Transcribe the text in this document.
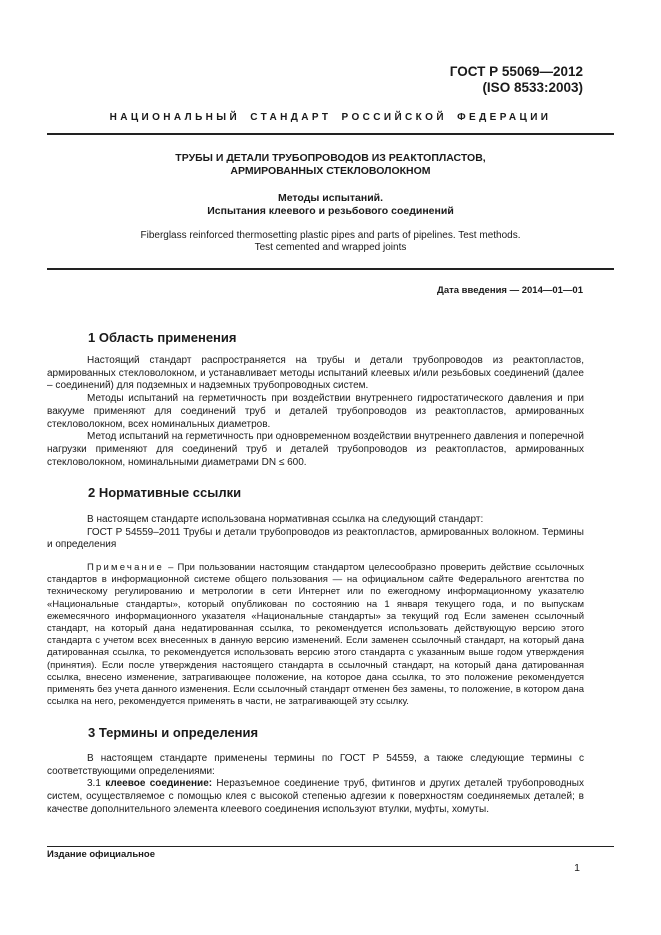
ГОСТ Р 55069—2012
(ISO 8533:2003)
НАЦИОНАЛЬНЫЙ СТАНДАРТ РОССИЙСКОЙ ФЕДЕРАЦИИ
ТРУБЫ И ДЕТАЛИ ТРУБОПРОВОДОВ ИЗ РЕАКТОПЛАСТОВ,
АРМИРОВАННЫХ СТЕКЛОВОЛОКНОМ
Методы испытаний.
Испытания клеевого и резьбового соединений
Fiberglass reinforced thermosetting plastic pipes and parts of pipelines. Test methods.
Test cemented and wrapped joints
Дата введения — 2014—01—01
1 Область применения

Настоящий стандарт распространяется на трубы и детали трубопроводов из реактопластов, армированных стекловолокном, и устанавливает методы испытаний клеевых и/или резьбовых соединений (далее – соединений) для подземных и надземных трубопроводных систем.

Методы испытаний на герметичность при воздействии внутреннего гидростатического давления и при вакууме применяют для соединений труб и деталей трубопроводов из реактопластов, армированных стекловолокном, всех номинальных диаметров.

Метод испытаний на герметичность при одновременном воздействии внутреннего давления и поперечной нагрузки применяют для соединений труб и деталей трубопроводов из реактопластов, армированных стекловолокном, номинальными диаметрами DN ≤ 600.

2 Нормативные ссылки

В настоящем стандарте использована нормативная ссылка на следующий стандарт:

ГОСТ Р 54559–2011 Трубы и детали трубопроводов из реактопластов, армированных волокном. Термины и определения

Примечание – При пользовании настоящим стандартом целесообразно проверить действие ссылочных стандартов в информационной системе общего пользования — на официальном сайте Федерального агентства по техническому регулированию и метрологии в сети Интернет или по ежегодному информационному указателю «Национальные стандарты», который опубликован по состоянию на 1 января текущего года, и по выпускам ежемесячного информационного указателя «Национальные стандарты» за текущий год Если заменен ссылочный стандарт, на который дана недатированная ссылка, то рекомендуется использовать действующую версию этого стандарта с учетом всех внесенных в данную версию изменений. Если заменен ссылочный стандарт, на который дана датированная ссылка, то рекомендуется использовать версию этого стандарта с указанным выше годом утверждения (принятия). Если после утверждения настоящего стандарта в ссылочный стандарт, на который дана датированная ссылка, внесено изменение, затрагивающее положение, на которое дана ссылка, то это положение рекомендуется применять без учета данного изменения. Если ссылочный стандарт отменен без замены, то положение, в котором дана ссылка на него, рекомендуется применять в части, не затрагивающей эту ссылку.

3 Термины и определения

В настоящем стандарте применены термины по ГОСТ Р 54559, а также следующие термины с соответствующими определениями:

3.1 клеевое соединение: Неразъемное соединение труб, фитингов и других деталей трубопроводных систем, осуществляемое с помощью клея с высокой степенью адгезии к поверхностям соединяемых деталей; в качестве дополнительного элемента клеевого соединения используют втулки, муфты, хомуты.

Издание официальное
1
